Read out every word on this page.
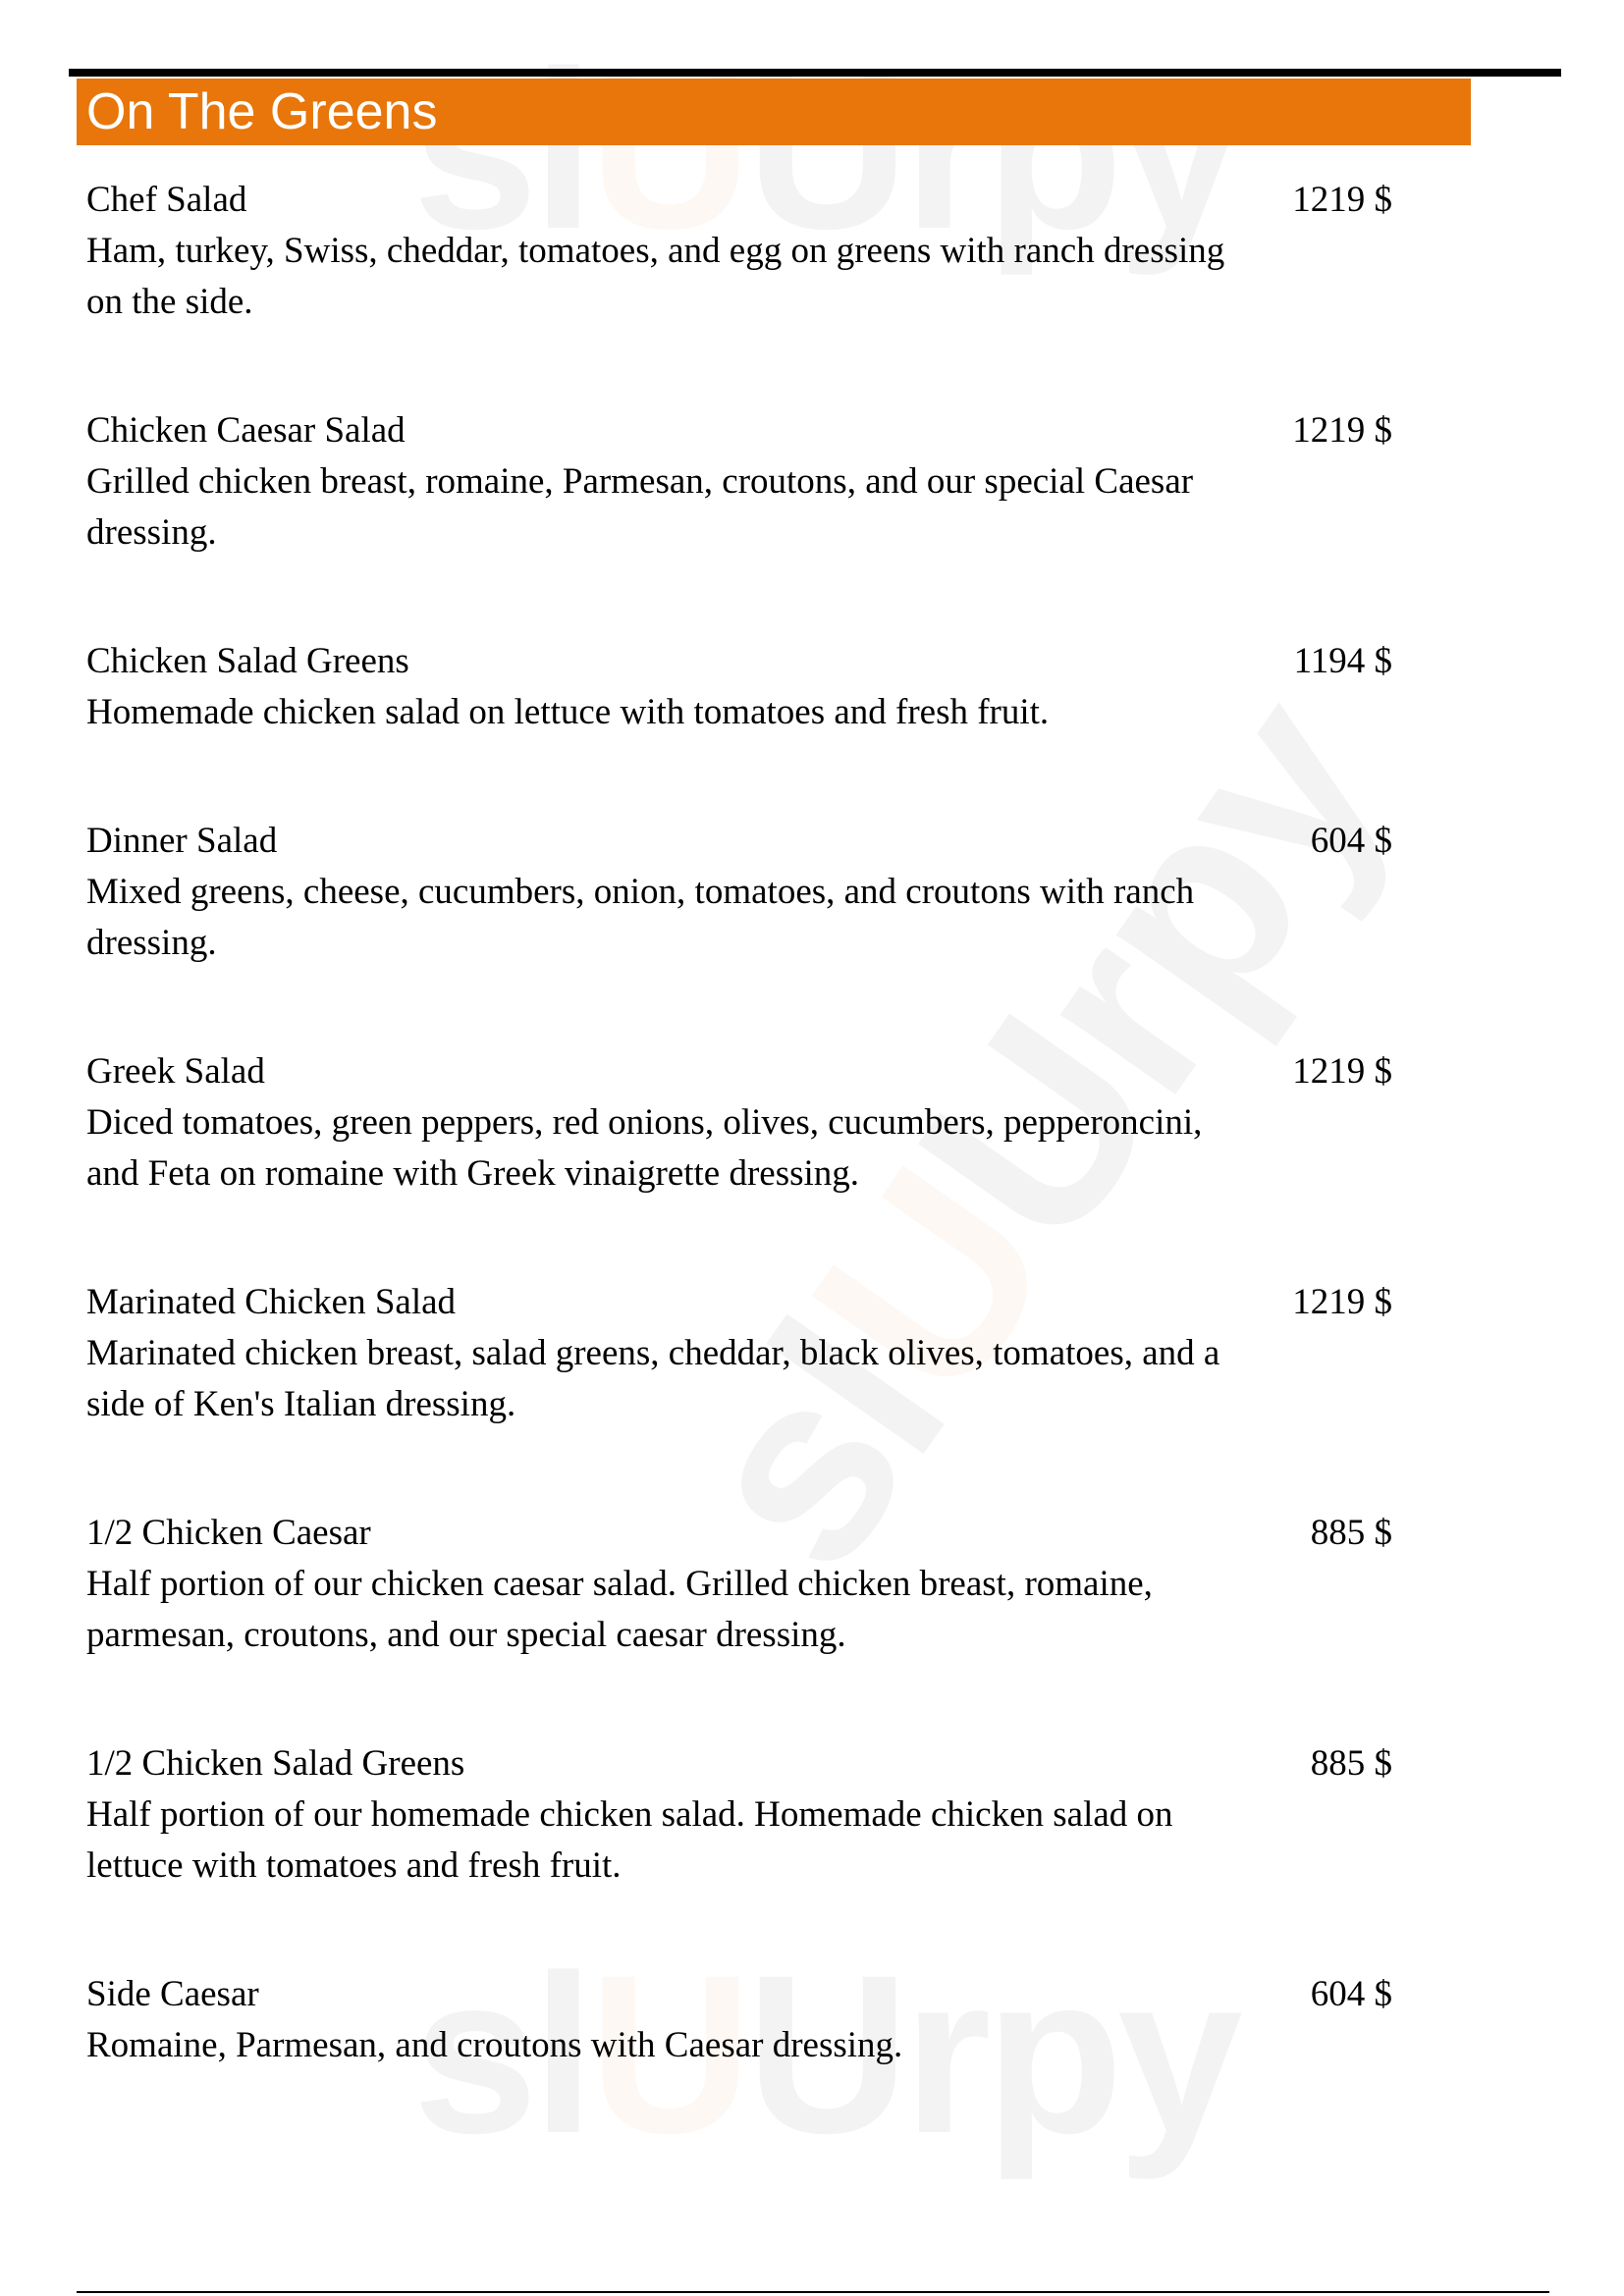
On The Greens
Chef Salad	1219 $
Ham, turkey, Swiss, cheddar, tomatoes, and egg on greens with ranch dressing on the side.
Chicken Caesar Salad	1219 $
Grilled chicken breast, romaine, Parmesan, croutons, and our special Caesar dressing.
Chicken Salad Greens	1194 $
Homemade chicken salad on lettuce with tomatoes and fresh fruit.
Dinner Salad	604 $
Mixed greens, cheese, cucumbers, onion, tomatoes, and croutons with ranch dressing.
Greek Salad	1219 $
Diced tomatoes, green peppers, red onions, olives, cucumbers, pepperoncini, and Feta on romaine with Greek vinaigrette dressing.
Marinated Chicken Salad	1219 $
Marinated chicken breast, salad greens, cheddar, black olives, tomatoes, and a side of Ken's Italian dressing.
1/2 Chicken Caesar	885 $
Half portion of our chicken caesar salad. Grilled chicken breast, romaine, parmesan, croutons, and our special caesar dressing.
1/2 Chicken Salad Greens	885 $
Half portion of our homemade chicken salad. Homemade chicken salad on lettuce with tomatoes and fresh fruit.
Side Caesar	604 $
Romaine, Parmesan, and croutons with Caesar dressing.
